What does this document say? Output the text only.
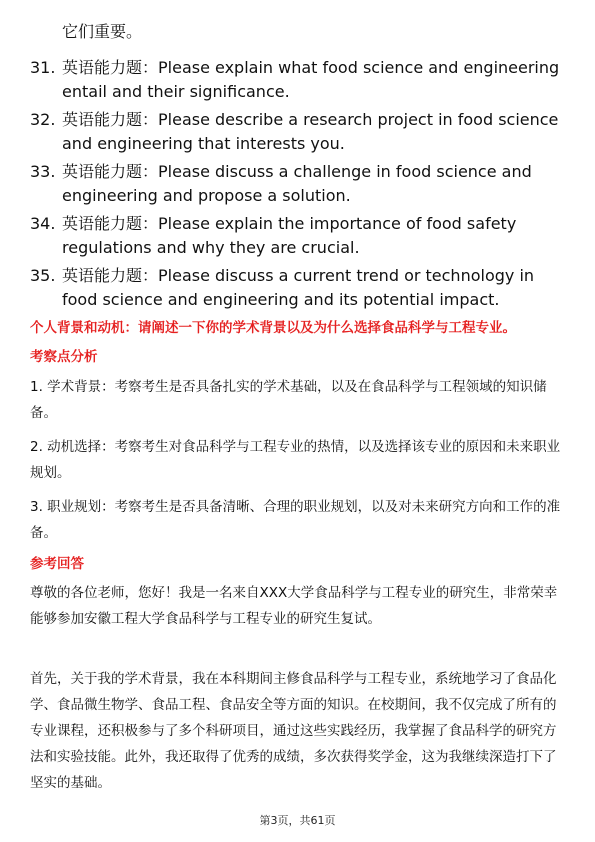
它们重要。
31. 英语能力题：Please explain what food science and engineering entail and their significance.
32. 英语能力题：Please describe a research project in food science and engineering that interests you.
33. 英语能力题：Please discuss a challenge in food science and engineering and propose a solution.
34. 英语能力题：Please explain the importance of food safety regulations and why they are crucial.
35. 英语能力题：Please discuss a current trend or technology in food science and engineering and its potential impact.
个人背景和动机：请阐述一下你的学术背景以及为什么选择食品科学与工程专业。
考察点分析
1. 学术背景：考察考生是否具备扎实的学术基础，以及在食品科学与工程领域的知识储备。
2. 动机选择：考察考生对食品科学与工程专业的热情，以及选择该专业的原因和未来职业规划。
3. 职业规划：考察考生是否具备清晰、合理的职业规划，以及对未来研究方向和工作的准备。
参考回答
尊敬的各位老师，您好！我是一名来自XXX大学食品科学与工程专业的研究生，非常荣幸能够参加安徽工程大学食品科学与工程专业的研究生复试。
首先，关于我的学术背景，我在本科期间主修食品科学与工程专业，系统地学习了食品化学、食品微生物学、食品工程、食品安全等方面的知识。在校期间，我不仅完成了所有的专业课程，还积极参与了多个科研项目，通过这些实践经历，我掌握了食品科学的研究方法和实验技能。此外，我还取得了优秀的成绩，多次获得奖学金，这为我继续深造打下了坚实的基础。
第3页，共61页
